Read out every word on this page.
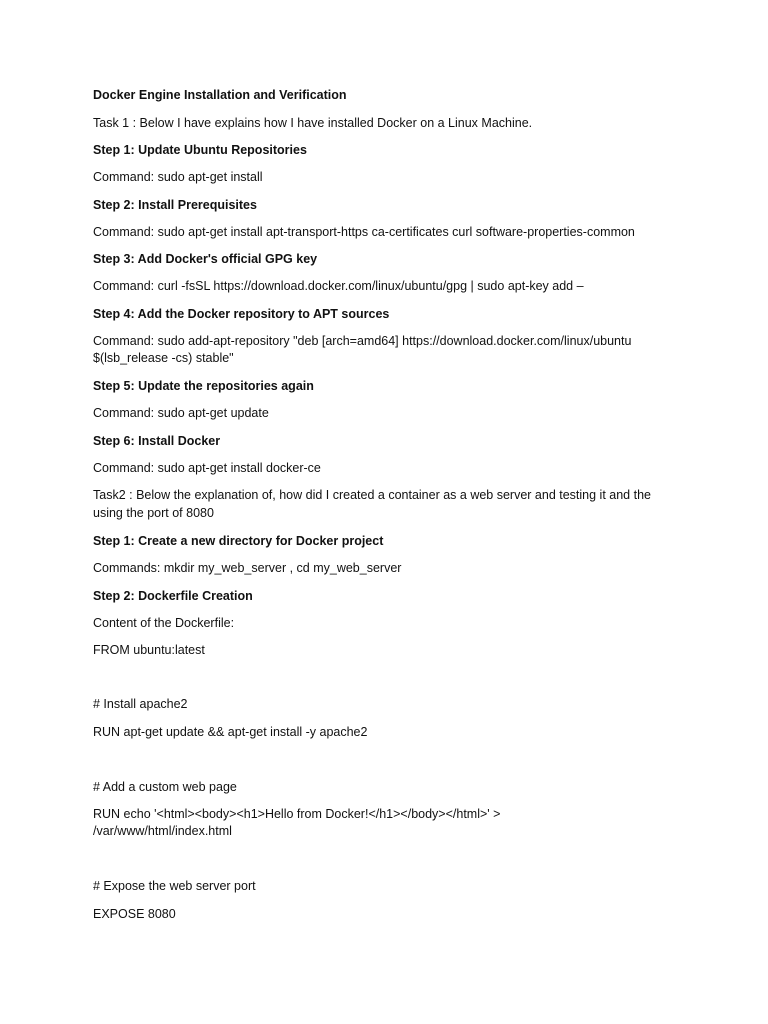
Docker Engine Installation and Verification
Task 1 : Below I have explains how I have installed Docker on a Linux Machine.
Step 1: Update Ubuntu Repositories
Command: sudo apt-get install
Step 2: Install Prerequisites
Command: sudo apt-get install apt-transport-https ca-certificates curl software-properties-common
Step 3: Add Docker's official GPG key
Command: curl -fsSL https://download.docker.com/linux/ubuntu/gpg | sudo apt-key add –
Step 4: Add the Docker repository to APT sources
Command: sudo add-apt-repository "deb [arch=amd64] https://download.docker.com/linux/ubuntu
$(lsb_release -cs) stable"
Step 5: Update the repositories again
Command: sudo apt-get update
Step 6: Install Docker
Command: sudo apt-get install docker-ce
Task2 : Below the explanation of, how did I created a container as a web server and testing it and the
using the port of 8080
Step 1: Create a new directory for Docker project
Commands: mkdir my_web_server , cd my_web_server
Step 2: Dockerfile Creation
Content of the Dockerfile:
FROM ubuntu:latest
# Install apache2
RUN apt-get update && apt-get install -y apache2
# Add a custom web page
RUN echo '<html><body><h1>Hello from Docker!</h1></body></html>' >
/var/www/html/index.html
# Expose the web server port
EXPOSE 8080
